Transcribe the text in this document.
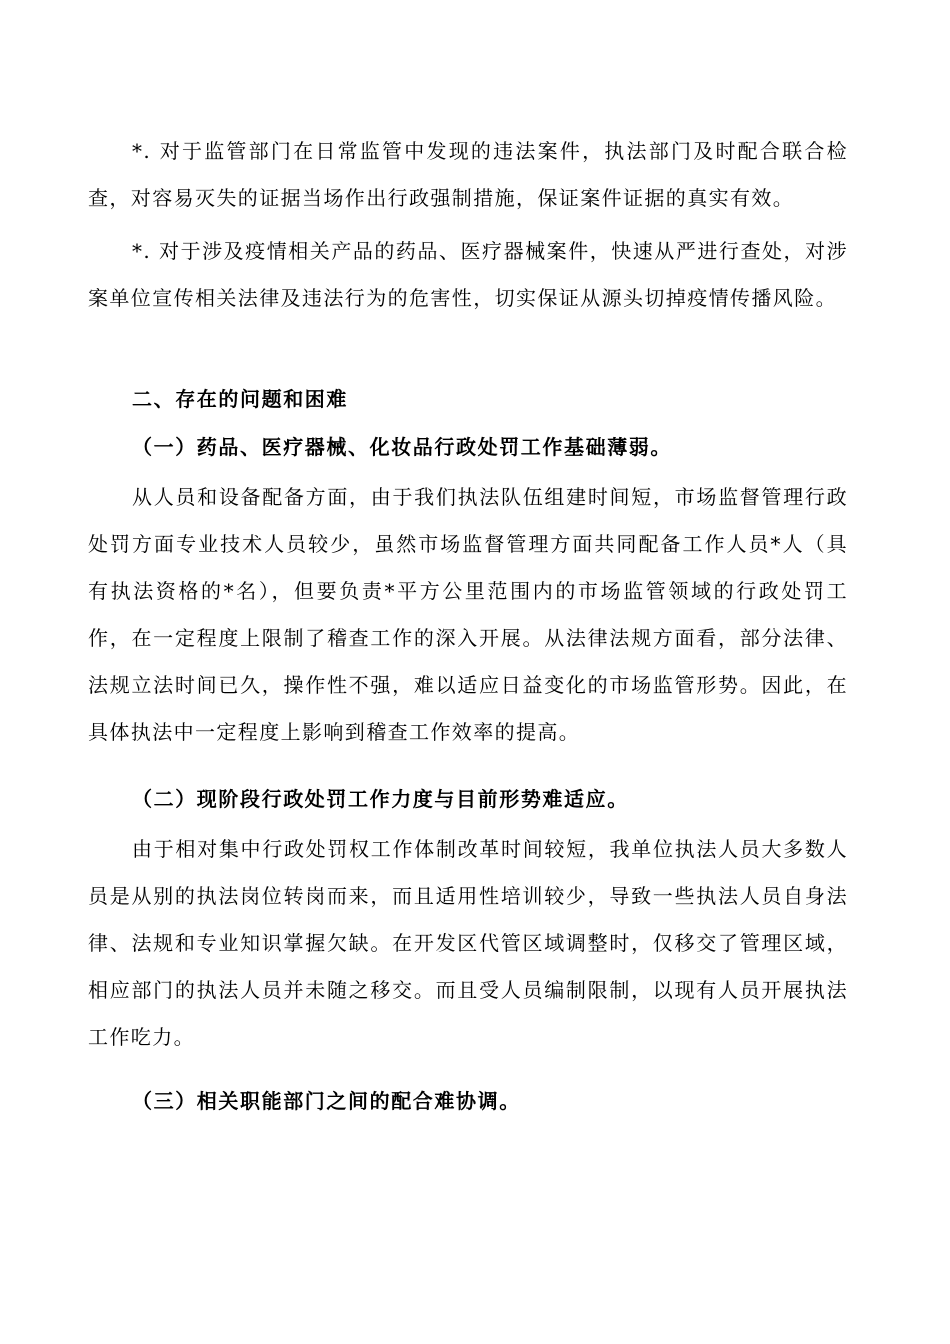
*. 对于监管部门在日常监管中发现的违法案件，执法部门及时配合联合检查，对容易灭失的证据当场作出行政强制措施，保证案件证据的真实有效。

*. 对于涉及疫情相关产品的药品、医疗器械案件，快速从严进行查处，对涉案单位宣传相关法律及违法行为的危害性，切实保证从源头切掉疫情传播风险。

二、存在的问题和困难

（一）药品、医疗器械、化妆品行政处罚工作基础薄弱。

从人员和设备配备方面，由于我们执法队伍组建时间短，市场监督管理行政处罚方面专业技术人员较少，虽然市场监督管理方面共同配备工作人员*人（具有执法资格的*名），但要负责*平方公里范围内的市场监管领域的行政处罚工作，在一定程度上限制了稽查工作的深入开展。从法律法规方面看，部分法律、法规立法时间已久，操作性不强，难以适应日益变化的市场监管形势。因此，在具体执法中一定程度上影响到稽查工作效率的提高。

（二）现阶段行政处罚工作力度与目前形势难适应。

由于相对集中行政处罚权工作体制改革时间较短，我单位执法人员大多数人员是从别的执法岗位转岗而来，而且适用性培训较少，导致一些执法人员自身法律、法规和专业知识掌握欠缺。在开发区代管区域调整时，仅移交了管理区域，相应部门的执法人员并未随之移交。而且受人员编制限制，以现有人员开展执法工作吃力。

（三）相关职能部门之间的配合难协调。
